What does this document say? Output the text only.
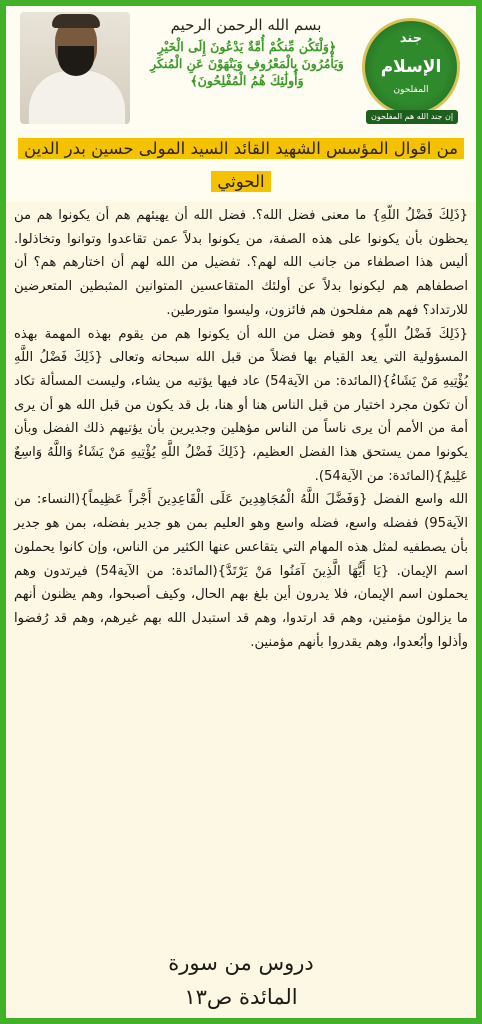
بسم الله الرحمن الرحيم
﴿وَلْتَكُن مِّنكُمْ أُمَّةٌ يَدْعُونَ إِلَى الْخَيْرِ وَيَأْمُرُونَ بِالْمَعْرُوفِ وَيَنْهَوْنَ عَنِ الْمُنكَرِ وَأُولَٰئِكَ هُمُ الْمُفْلِحُونَ﴾
جند
الإسلام
المفلحون
إن جند الله هم المفلحون
من اقوال المؤسس الشهيد القائد السيد المولى حسين بدر الدين الحوثي

{ذَلِكَ فَضْلُ اللّهِ} ما معنى فضل الله؟. فضل الله أن يهيئهم هم أن يكونوا هم من يحظون بأن يكونوا على هذه الصفة، من يكونوا بدلاً عمن تقاعدوا وتوانوا وتخاذلوا. أليس هذا اصطفاء من جانب الله لهم؟. تفضيل من الله لهم أن اختارهم هم؟ أن اصطفاهم هم ليكونوا بدلاً عن أولئك المتقاعسين المتوانين المثبطين المتعرضين للارتداد؟ فهم هم مفلحون هم فائزون، وليسوا متورطين.

{ذَلِكَ فَضْلُ اللّهِ} وهو فضل من الله أن يكونوا هم من يقوم بهذه المهمة بهذه المسؤولية التي يعد القيام بها فضلاً من قبل الله سبحانه وتعالى {ذَلِكَ فَضْلُ اللَّهِ يُؤْتِيهِ مَنْ يَشَاءُ}(المائدة: من الآية54) عاد فيها يؤتيه من يشاء، وليست المسألة تكاد أن تكون مجرد اختيار من قبل الناس هنا أو هنا، بل قد يكون من قبل الله هو أن يرى أمة من الأمم أن يرى ناساً من الناس مؤهلين وجديرين بأن يؤتيهم ذلك الفضل وبأن يكونوا ممن يستحق هذا الفضل العظيم، {ذَلِكَ فَضْلُ اللَّهِ يُؤْتِيهِ مَنْ يَشَاءُ وَاللَّهُ وَاسِعٌ عَلِيمٌ}(المائدة: من الآية54).

الله واسع الفضل {وَفَضَّلَ اللَّهُ الْمُجَاهِدِينَ عَلَى الْقَاعِدِينَ أَجْراً عَظِيماً}(النساء: من الآية95) ففضله واسع، فضله واسع وهو العليم بمن هو جدير بفضله، بمن هو جدير بأن يصطفيه لمثل هذه المهام التي يتقاعس عنها الكثير من الناس، وإن كانوا يحملون اسم الإيمان. {يَا أَيُّهَا الَّذِينَ آمَنُوا مَنْ يَرْتَدَّ}(المائدة: من الآية54) فيرتدون وهم يحملون اسم الإيمان، فلا يدرون أين بلغ بهم الحال، وكيف أصبحوا، وهم يظنون أنهم ما يزالون مؤمنين، وهم قد ارتدوا، وهم قد استبدل الله بهم غيرهم، وهم قد رُفضوا وأذلوا وأبُعدوا، وهم يقدروا بأنهم مؤمنين.

دروس من سورة
المائدة ص١٣
